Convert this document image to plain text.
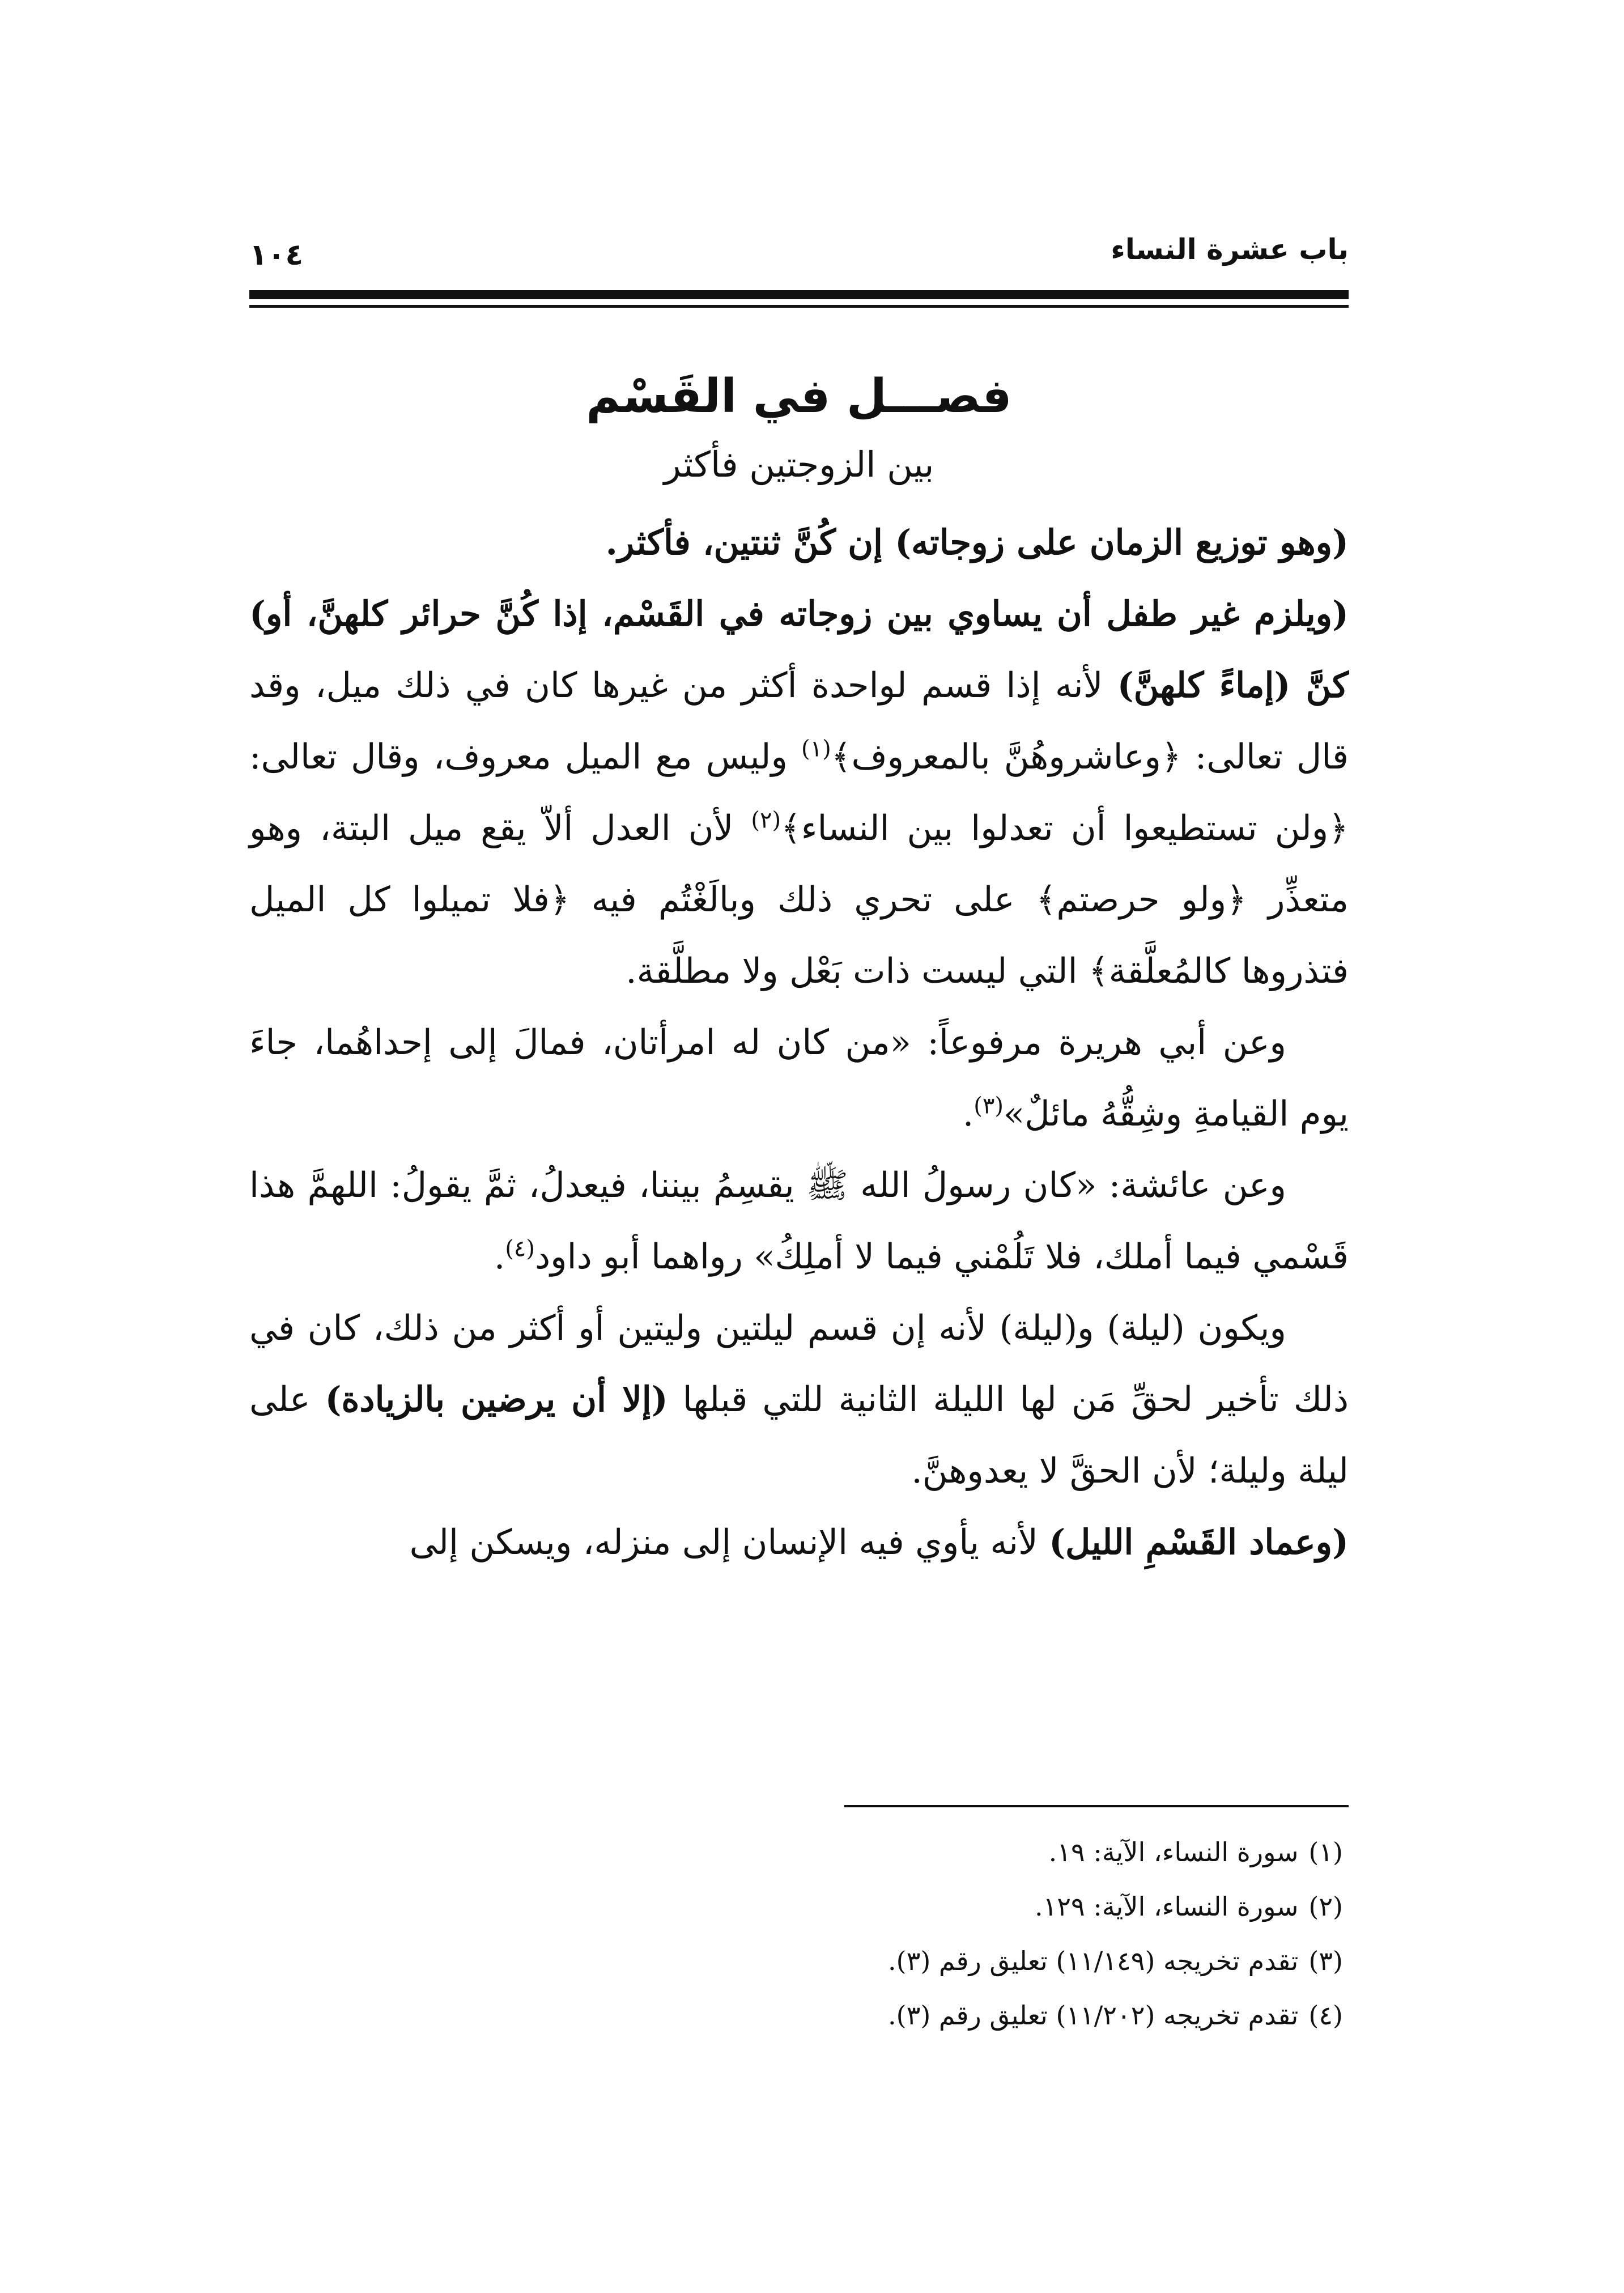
باب عشرة النساء
١٠٤
فصـــل في القَسْم
بين الزوجتين فأكثر

(وهو توزيع الزمان على زوجاته) إن كُنَّ ثنتين، فأكثر.

(ويلزم غير طفل أن يساوي بين زوجاته في القَسْم، إذا كُنَّ حرائر كلهنَّ، أو) كنَّ (إماءً كلهنَّ) لأنه إذا قسم لواحدة أكثر من غيرها كان في ذلك ميل، وقد قال تعالى: ﴿وعاشروهُنَّ بالمعروف﴾$^{(١)}$ وليس مع الميل معروف، وقال تعالى: ﴿ولن تستطيعوا أن تعدلوا بين النساء﴾$^{(٢)}$ لأن العدل ألاّ يقع ميل البتة، وهو متعذِّر ﴿ولو حرصتم﴾ على تحري ذلك وبالَغْتُم فيه ﴿فلا تميلوا كل الميل فتذروها كالمُعلَّقة﴾ التي ليست ذات بَعْل ولا مطلَّقة.

وعن أبي هريرة مرفوعاً: «من كان له امرأتان، فمالَ إلى إحداهُما، جاءَ يوم القيامةِ وشِقُّهُ مائلٌ»$^{(٣)}$.

وعن عائشة: «كان رسولُ الله ﷺ يقسِمُ بيننا، فيعدلُ، ثمَّ يقولُ: اللهمَّ هذا قَسْمي فيما أملك، فلا تَلُمْني فيما لا أملِكُ» رواهما أبو داود$^{(٤)}$.

ويكون (ليلة) و(ليلة) لأنه إن قسم ليلتين وليتين أو أكثر من ذلك، كان في ذلك تأخير لحقِّ مَن لها الليلة الثانية للتي قبلها (إلا أن يرضين بالزيادة) على ليلة وليلة؛ لأن الحقَّ لا يعدوهنَّ.

(وعماد القَسْمِ الليل) لأنه يأوي فيه الإنسان إلى منزله، ويسكن إلى

(١)سورة النساء، الآية: ١٩.

(٢)سورة النساء، الآية: ١٢٩.

(٣)تقدم تخريجه (١١/١٤٩) تعليق رقم (٣).

(٤)تقدم تخريجه (١١/٢٠٢) تعليق رقم (٣).
